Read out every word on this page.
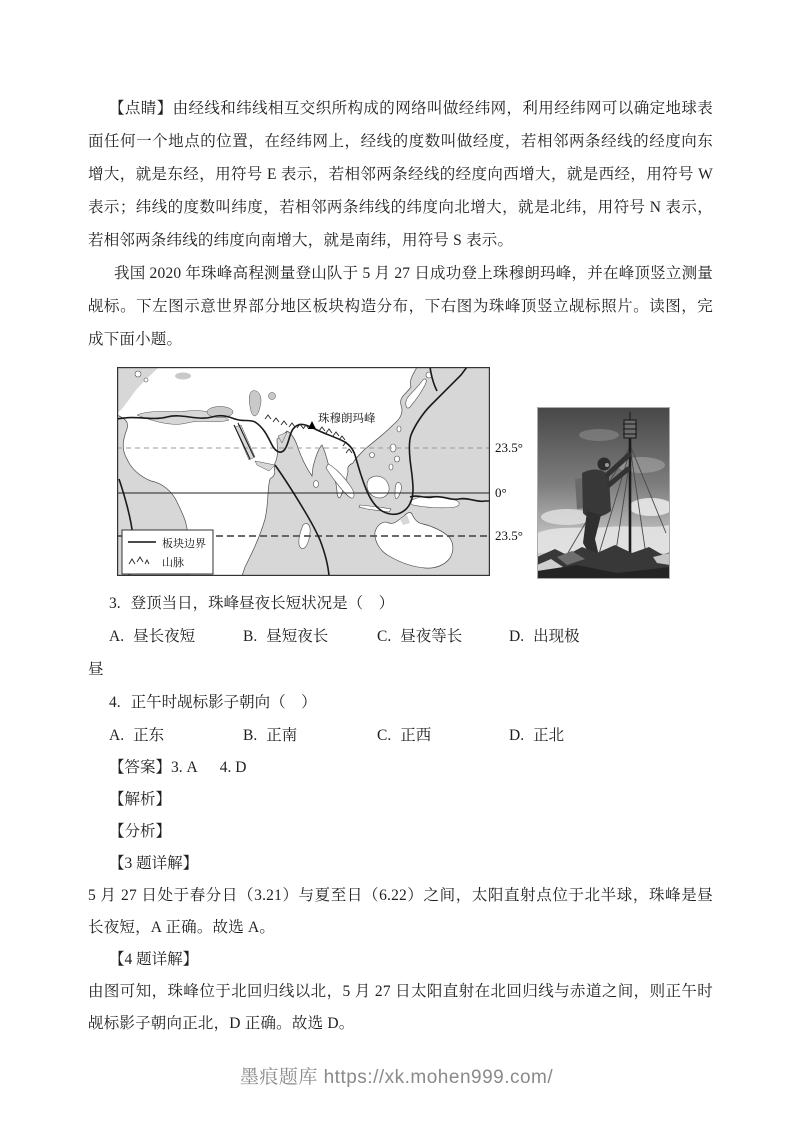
【点睛】由经线和纬线相互交织所构成的网络叫做经纬网，利用经纬网可以确定地球表面任何一个地点的位置，在经纬网上，经线的度数叫做经度，若相邻两条经线的经度向东增大，就是东经，用符号 E 表示，若相邻两条经线的经度向西增大，就是西经，用符号 W 表示；纬线的度数叫纬度，若相邻两条纬线的纬度向北增大，就是北纬，用符号 N 表示，若相邻两条纬线的纬度向南增大，就是南纬，用符号 S 表示。

我国 2020 年珠峰高程测量登山队于 5 月 27 日成功登上珠穆朗玛峰，并在峰顶竖立测量觇标。下左图示意世界部分地区板块构造分布，下右图为珠峰顶竖立觇标照片。读图，完成下面小题。

珠穆朗玛峰
板块边界
山脉
23.5°
0°
23.5°

3. 登顶当日，珠峰昼夜长短状况是（　）

A. 昼长夜短	B. 昼短夜长	C. 昼夜等长	D. 出现极

昼

4. 正午时觇标影子朝向（　）

A. 正东	B. 正南	C. 正西	D. 正北

【答案】3. A 4. D

【解析】

【分析】

【3 题详解】

5 月 27 日处于春分日（3.21）与夏至日（6.22）之间，太阳直射点位于北半球，珠峰是昼长夜短，A 正确。故选 A。

【4 题详解】

由图可知，珠峰位于北回归线以北，5 月 27 日太阳直射在北回归线与赤道之间，则正午时觇标影子朝向正北，D 正确。故选 D。

墨痕题库 https://xk.mohen999.com/
